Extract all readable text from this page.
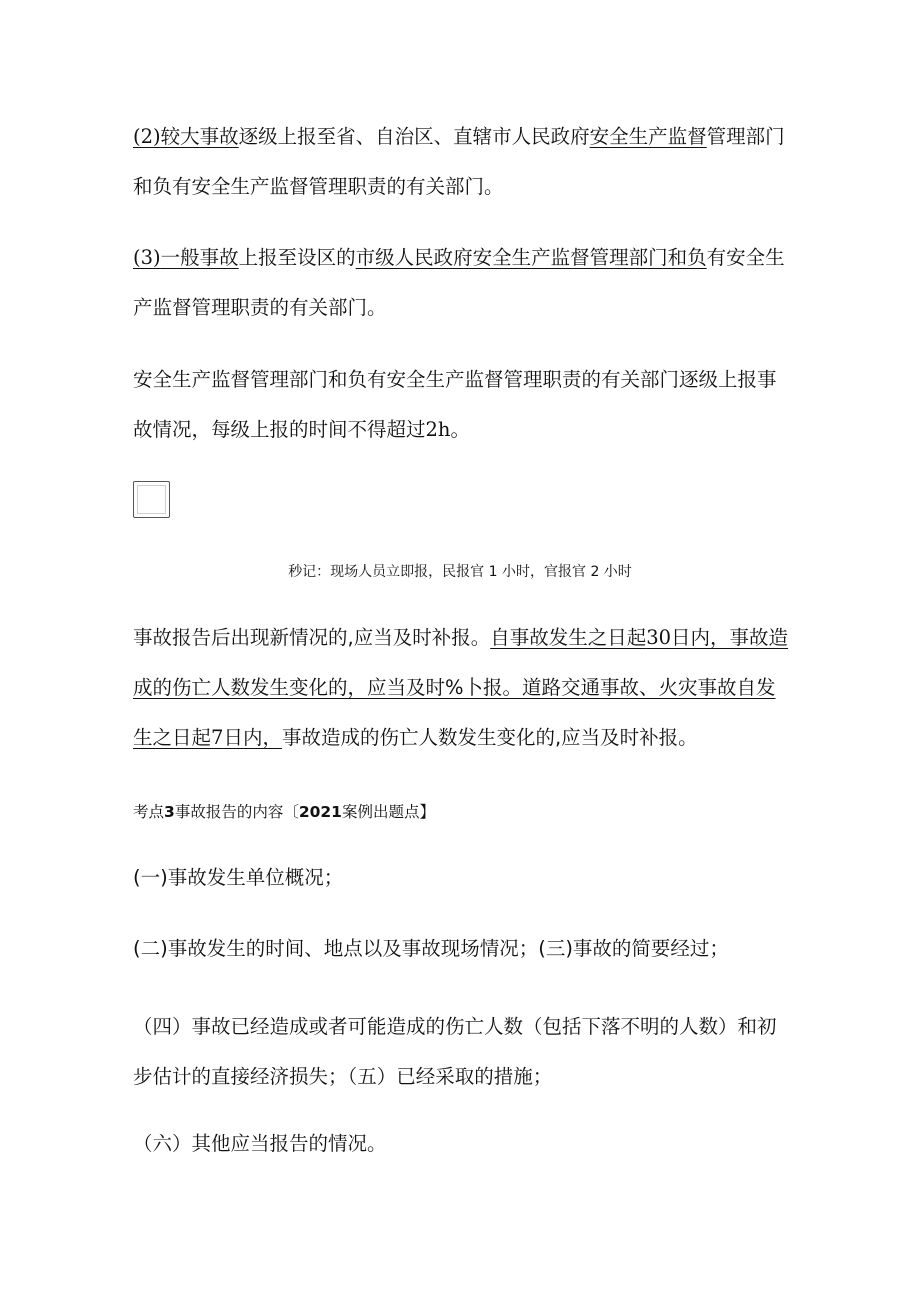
(2)较大事故逐级上报至省、自治区、直辖市人民政府安全生产监督管理部门和负有安全生产监督管理职责的有关部门。

(3)一般事故上报至设区的市级人民政府安全生产监督管理部门和负有安全生产监督管理职责的有关部门。

安全生产监督管理部门和负有安全生产监督管理职责的有关部门逐级上报事故情况，每级上报的时间不得超过2h。

秒记：现场人员立即报，民报官 1 小时，官报官 2 小时

事故报告后出现新情况的,应当及时补报。自事故发生之日起30日内，事故造成的伤亡人数发生变化的，应当及时%卜报。道路交通事故、火灾事故自发生之日起7日内，事故造成的伤亡人数发生变化的,应当及时补报。

考点3事故报告的内容〔2021案例出题点】

(一)事故发生单位概况；

(二)事故发生的时间、地点以及事故现场情况；(三)事故的简要经过；

（四）事故已经造成或者可能造成的伤亡人数（包括下落不明的人数）和初步估计的直接经济损失；（五）已经采取的措施；

（六）其他应当报告的情况。
